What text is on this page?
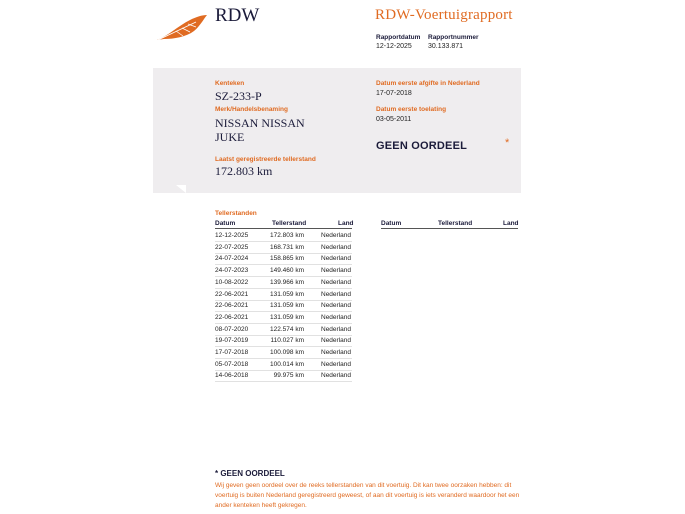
RDW	RDW-Voertuigrapport
Rapportdatum
12-12-2025
Rapportnummer
30.133.871
Kenteken
SZ-233-P
Merk/Handelsbenaming
NISSAN NISSAN
JUKE
Laatst geregistreerde tellerstand
172.803 km
Datum eerste afgifte in Nederland
17-07-2018
Datum eerste toelating
03-05-2011
GEEN OORDEEL	*
Tellerstanden
Datum	Tellerstand	Land	Datum	Tellerstand	Land
12-12-2025	172.803 km	Nederland
22-07-2025	168.731 km	Nederland
24-07-2024	158.865 km	Nederland
24-07-2023	149.460 km	Nederland
10-08-2022	139.966 km	Nederland
22-06-2021	131.059 km	Nederland
22-06-2021	131.059 km	Nederland
22-06-2021	131.059 km	Nederland
08-07-2020	122.574 km	Nederland
19-07-2019	110.027 km	Nederland
17-07-2018	100.098 km	Nederland
05-07-2018	100.014 km	Nederland
14-06-2018	99.975 km	Nederland
* GEEN OORDEEL
Wij geven geen oordeel over de reeks tellerstanden van dit voertuig. Dit kan twee oorzaken hebben: dit voertuig is buiten Nederland geregistreerd geweest, of aan dit voertuig is iets veranderd waardoor het een ander kenteken heeft gekregen.
